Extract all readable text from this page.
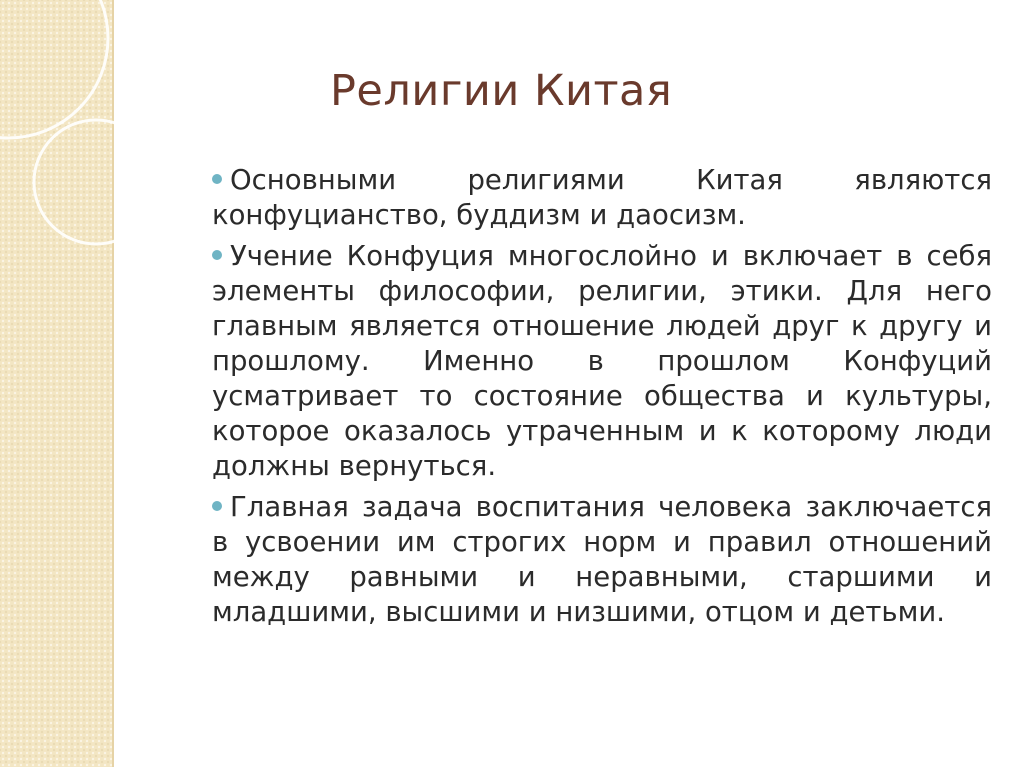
Религии Китая
Основными религиями Китая являются конфуцианство, буддизм и даосизм.
Учение Конфуция многослойно и включает в себя элементы философии, религии, этики. Для него главным является отношение людей друг к другу и прошлому. Именно в прошлом Конфуций усматривает то состояние общества и культуры, которое оказалось утраченным и к которому люди должны вернуться.
Главная задача воспитания человека заключается в усвоении им строгих норм и правил отношений между равными и неравными, старшими и младшими, высшими и низшими, отцом и детьми.
